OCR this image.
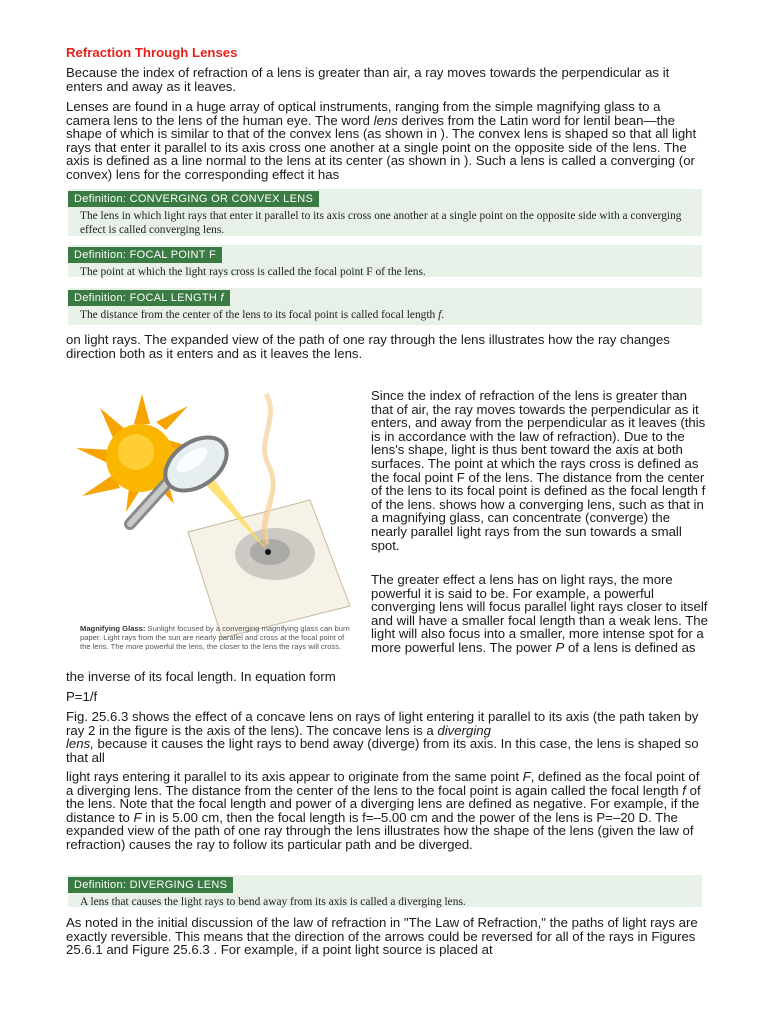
Refraction Through Lenses

Because the index of refraction of a lens is greater than air, a ray moves towards the perpendicular as it enters and away as it leaves.

Lenses are found in a huge array of optical instruments, ranging from the simple magnifying glass to a camera lens to the lens of the human eye. The word lens derives from the Latin word for lentil bean—the shape of which is similar to that of the convex lens (as shown in ). The convex lens is shaped so that all light rays that enter it parallel to its axis cross one another at a single point on the opposite side of the lens. The axis is defined as a line normal to the lens at its center (as shown in ). Such a lens is called a converging (or convex) lens for the corresponding effect it has

Definition: CONVERGING OR CONVEX LENS
The lens in which light rays that enter it parallel to its axis cross one another at a single point on the opposite side with a converging effect is called converging lens.
Definition: FOCAL POINT F
The point at which the light rays cross is called the focal point F of the lens.
Definition: FOCAL LENGTH f
The distance from the center of the lens to its focal point is called focal length f.

on light rays. The expanded view of the path of one ray through the lens illustrates how the ray changes direction both as it enters and as it leaves the lens.

Magnifying Glass: Sunlight focused by a converging magnifying glass can burn paper. Light rays from the sun are nearly parallel and cross at the focal point of the lens. The more powerful the lens, the closer to the lens the rays will cross.

Since the index of refraction of the lens is greater than that of air, the ray moves towards the perpendicular as it enters, and away from the perpendicular as it leaves (this is in accordance with the law of refraction). Due to the lens's shape, light is thus bent toward the axis at both surfaces. The point at which the rays cross is defined as the focal point F of the lens. The distance from the center of the lens to its focal point is defined as the focal length f of the lens. shows how a converging lens, such as that in a magnifying glass, can concentrate (converge) the nearly parallel light rays from the sun towards a small spot.

The greater effect a lens has on light rays, the more powerful it is said to be. For example, a powerful converging lens will focus parallel light rays closer to itself and will have a smaller focal length than a weak lens. The light will also focus into a smaller, more intense spot for a more powerful lens. The power P of a lens is defined as

the inverse of its focal length. In equation form

P=1/f

Fig. 25.6.3 shows the effect of a concave lens on rays of light entering it parallel to its axis (the path taken by ray 2 in the figure is the axis of the lens). The concave lens is a diverging
lens, because it causes the light rays to bend away (diverge) from its axis. In this case, the lens is shaped so that all

light rays entering it parallel to its axis appear to originate from the same point F, defined as the focal point of a diverging lens. The distance from the center of the lens to the focal point is again called the focal length f of the lens. Note that the focal length and power of a diverging lens are defined as negative. For example, if the distance to F in is 5.00 cm, then the focal length is f=–5.00 cm and the power of the lens is P=–20 D. The expanded view of the path of one ray through the lens illustrates how the shape of the lens (given the law of refraction) causes the ray to follow its particular path and be diverged.

Definition: DIVERGING LENS
A lens that causes the light rays to bend away from its axis is called a diverging lens.

As noted in the initial discussion of the law of refraction in "The Law of Refraction," the paths of light rays are exactly reversible. This means that the direction of the arrows could be reversed for all of the rays in Figures 25.6.1 and Figure 25.6.3 . For example, if a point light source is placed at
